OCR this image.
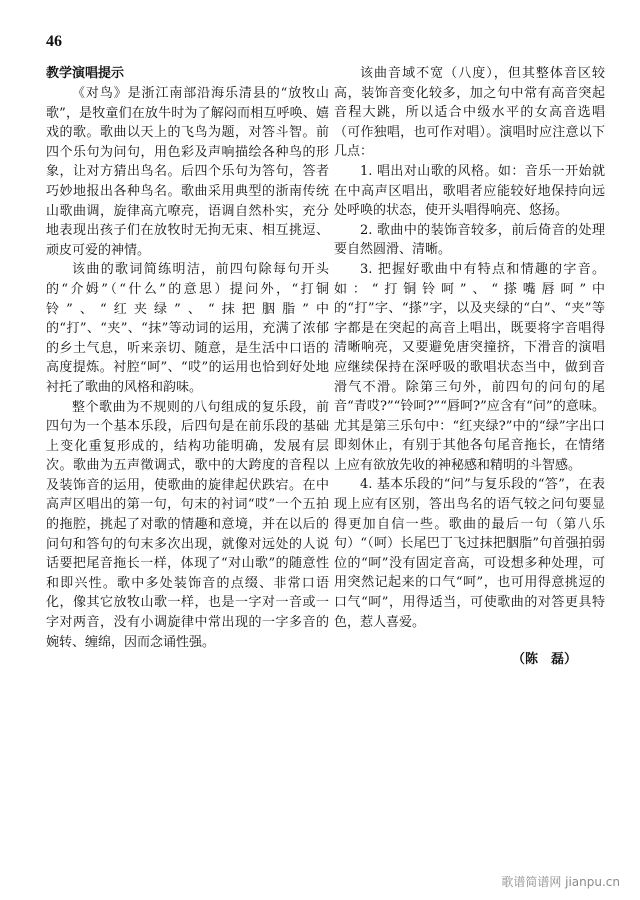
46

教学演唱提示

《对鸟》是浙江南部沿海乐清县的“放牧山歌”，是牧童们在放牛时为了解闷而相互呼唤、嬉戏的歌。歌曲以天上的飞鸟为题，对答斗智。前四个乐句为问句，用色彩及声响描绘各种鸟的形象，让对方猜出鸟名。后四个乐句为答句，答者巧妙地报出各种鸟名。歌曲采用典型的浙南传统山歌曲调，旋律高亢嘹亮，语调自然朴实，充分地表现出孩子们在放牧时无拘无束、相互挑逗、顽皮可爱的神情。

该曲的歌词简练明洁，前四句除每句开头的“介姆”（“什么”的意思）提问外，“打铜铃”、“红夹绿”、“抹把胭脂”中的“打”、“夹”、“抹”等动词的运用，充满了浓郁的乡土气息，听来亲切、随意，是生活中口语的高度提炼。衬腔“呵”、“哎”的运用也恰到好处地衬托了歌曲的风格和韵味。

整个歌曲为不规则的八句组成的复乐段，前四句为一个基本乐段，后四句是在前乐段的基础上变化重复形成的，结构功能明确，发展有层次。歌曲为五声徵调式，歌中的大跨度的音程以及装饰音的运用，使歌曲的旋律起伏跌宕。在中高声区唱出的第一句，句末的衬词“哎”一个五拍的拖腔，挑起了对歌的情趣和意境，并在以后的问句和答句的句末多次出现，就像对远处的人说话要把尾音拖长一样，体现了“对山歌”的随意性和即兴性。歌中多处装饰音的点缀、非常口语化，像其它放牧山歌一样，也是一字对一音或一字对两音，没有小调旋律中常出现的一字多音的婉转、缠绵，因而念诵性强。

该曲音域不宽（八度），但其整体音区较高，装饰音变化较多，加之句中常有高音突起音程大跳，所以适合中级水平的女高音选唱（可作独唱，也可作对唱）。演唱时应注意以下几点：

1. 唱出对山歌的风格。如：音乐一开始就在中高声区唱出，歌唱者应能较好地保持向远处呼唤的状态，使开头唱得响亮、悠扬。

2. 歌曲中的装饰音较多，前后倚音的处理要自然圆滑、清晰。

3. 把握好歌曲中有特点和情趣的字音。如：“打铜铃呵”、“搽嘴唇呵”中的“打”字、“搽”字，以及夹绿的“白”、“夹”等字都是在突起的高音上唱出，既要将字音唱得清晰响亮，又要避免唐突撞挤，下滑音的演唱应继续保持在深呼吸的歌唱状态当中，做到音滑气不滑。除第三句外，前四句的问句的尾音“青哎?”“铃呵?”“唇呵?”应含有“问”的意味。尤其是第三乐句中：“红夹绿?”中的“绿”字出口即刻休止，有别于其他各句尾音拖长，在情绪上应有欲放先收的神秘感和精明的斗智感。

4. 基本乐段的“问”与复乐段的“答”，在表现上应有区别，答出鸟名的语气较之问句要显得更加自信一些。歌曲的最后一句（第八乐句）“（呵）长尾巴丁飞过抹把胭脂”句首强拍弱位的“呵”没有固定音高，可设想多种处理，可用突然记起来的口气“呵”，也可用得意挑逗的口气“呵”，用得适当，可使歌曲的对答更具特色，惹人喜爱。

（陈　磊）

歌谱简谱网 jianpu.cn
